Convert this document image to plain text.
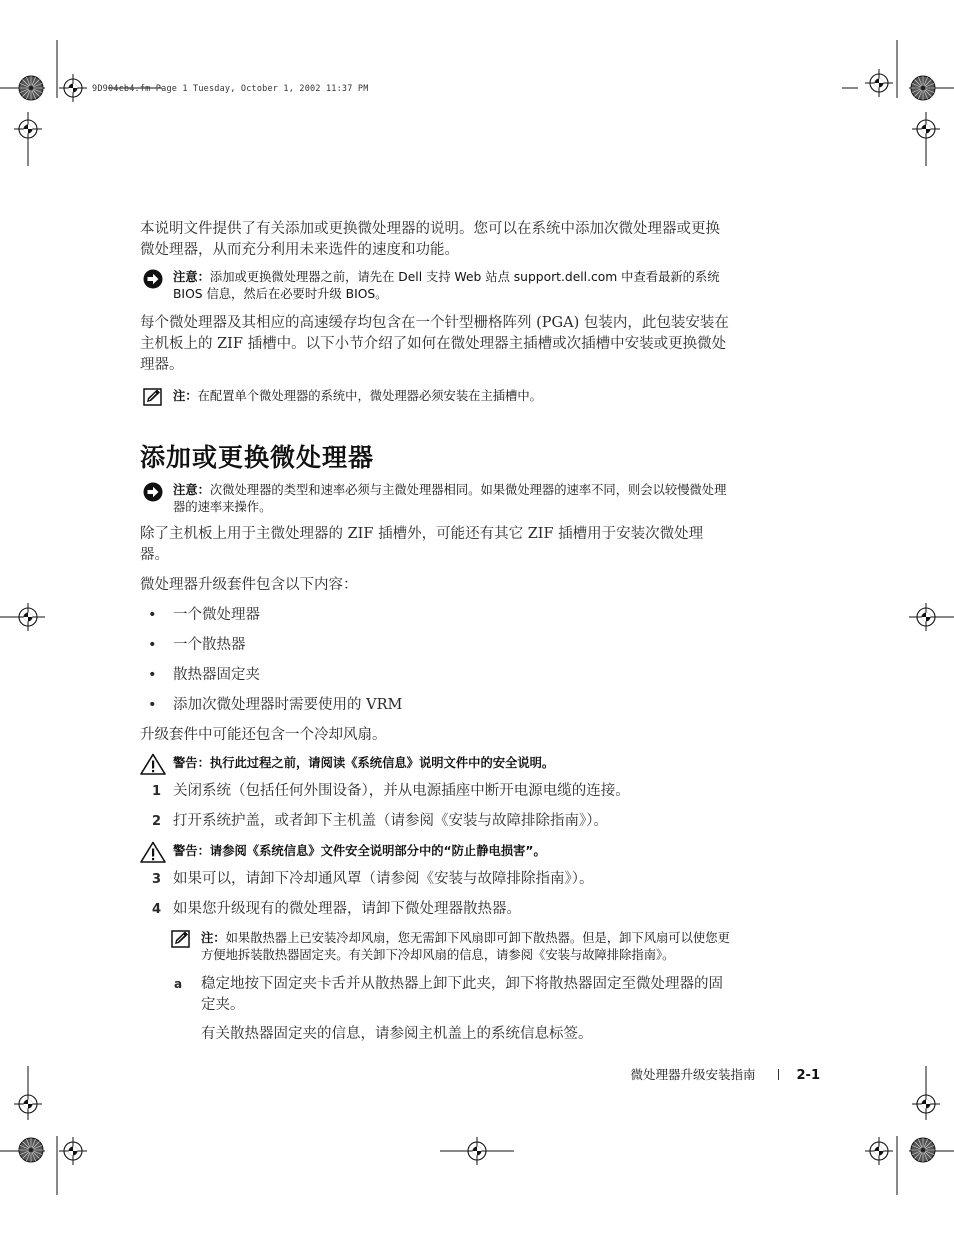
9D904cb4.fm Page 1 Tuesday, October 1, 2002 11:37 PM

本说明文件提供了有关添加或更换微处理器的说明。您可以在系统中添加次微处理器或更换微处理器，从而充分利用未来选件的速度和功能。

注意：添加或更换微处理器之前，请先在 Dell 支持 Web 站点 support.dell.com 中查看最新的系统 BIOS 信息，然后在必要时升级 BIOS。

每个微处理器及其相应的高速缓存均包含在一个针型栅格阵列 (PGA) 包装内，此包装安装在主机板上的 ZIF 插槽中。以下小节介绍了如何在微处理器主插槽或次插槽中安装或更换微处理器。

注：在配置单个微处理器的系统中，微处理器必须安装在主插槽中。
添加或更换微处理器
注意：次微处理器的类型和速率必须与主微处理器相同。如果微处理器的速率不同，则会以较慢微处理器的速率来操作。

除了主机板上用于主微处理器的 ZIF 插槽外，可能还有其它 ZIF 插槽用于安装次微处理器。

微处理器升级套件包含以下内容：

• 一个微处理器
• 一个散热器
• 散热器固定夹
• 添加次微处理器时需要使用的 VRM

升级套件中可能还包含一个冷却风扇。

警告：执行此过程之前，请阅读《系统信息》说明文件中的安全说明。
1 关闭系统（包括任何外围设备），并从电源插座中断开电源电缆的连接。
2 打开系统护盖，或者卸下主机盖（请参阅《安装与故障排除指南》）。
警告：请参阅《系统信息》文件安全说明部分中的“防止静电损害”。
3 如果可以，请卸下冷却通风罩（请参阅《安装与故障排除指南》）。
4 如果您升级现有的微处理器，请卸下微处理器散热器。
注：如果散热器上已安装冷却风扇，您无需卸下风扇即可卸下散热器。但是，卸下风扇可以使您更方便地拆装散热器固定夹。有关卸下冷却风扇的信息，请参阅《安装与故障排除指南》。
a 稳定地按下固定夹卡舌并从散热器上卸下此夹，卸下将散热器固定至微处理器的固定夹。

有关散热器固定夹的信息，请参阅主机盖上的系统信息标签。

微处理器升级安装指南	2-1
